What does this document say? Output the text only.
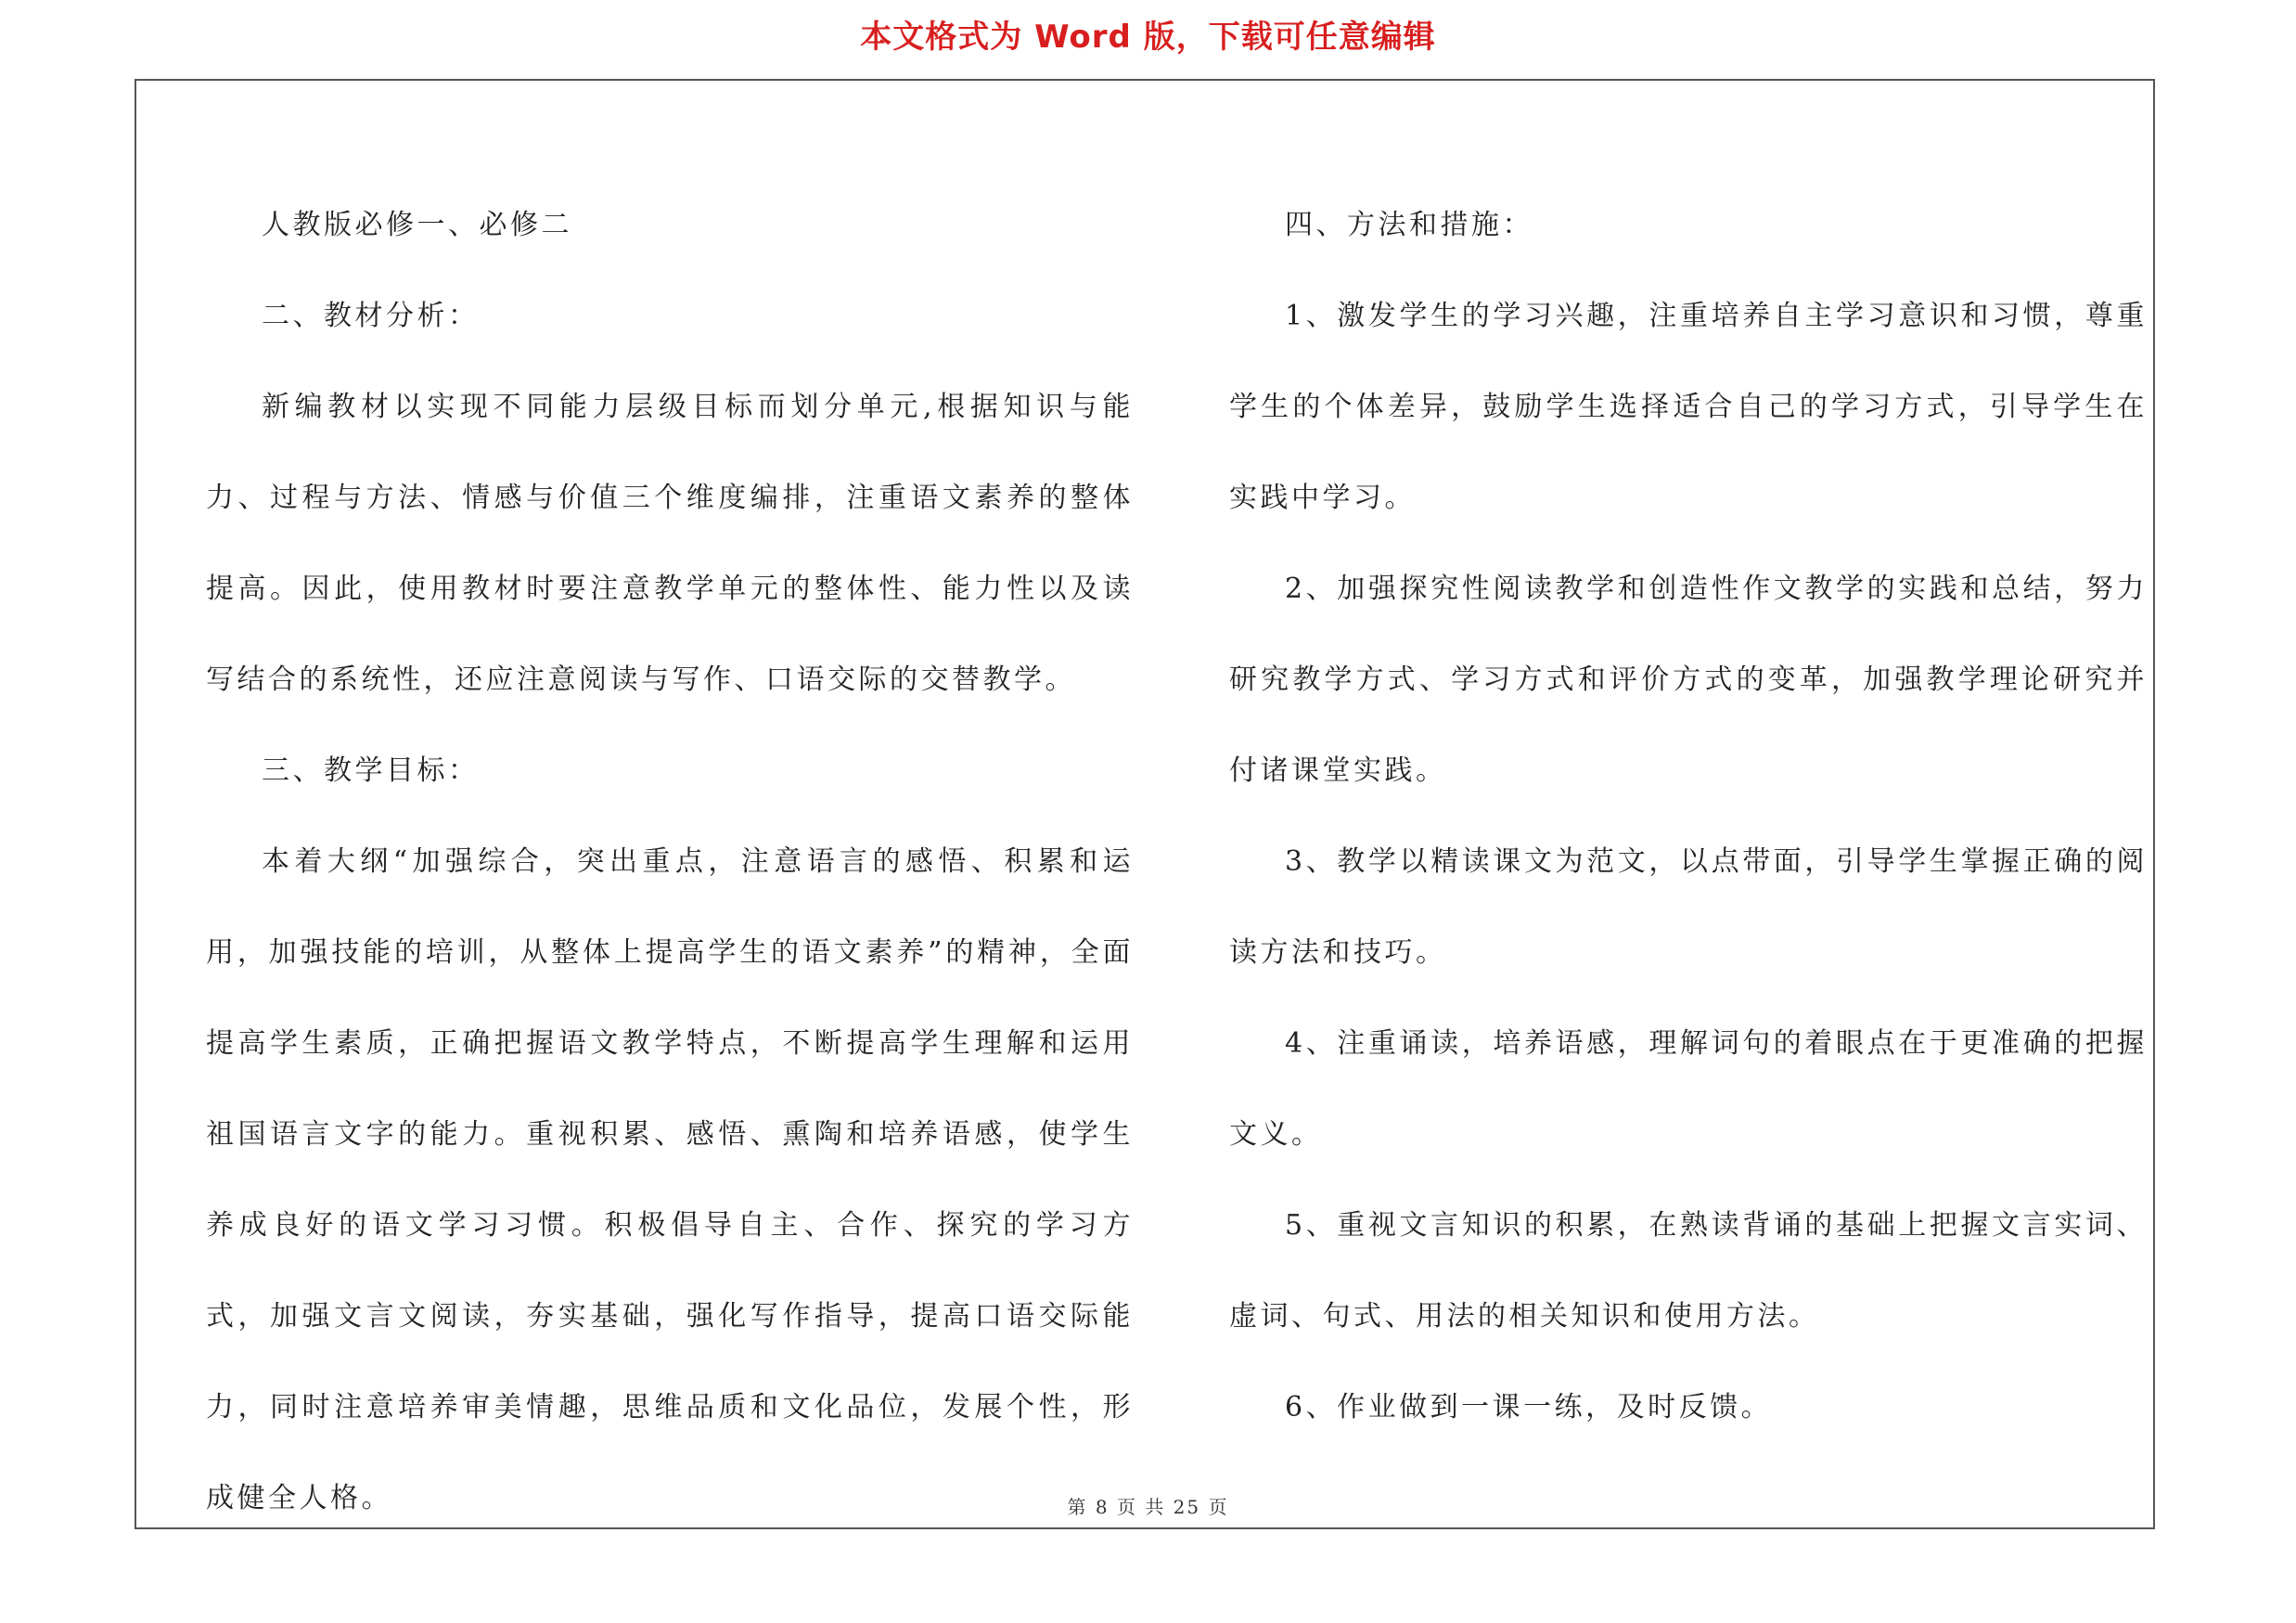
本文格式为 Word 版，下载可任意编辑

人教版必修一、必修二

二、教材分析：

新编教材以实现不同能力层级目标而划分单元,根据知识与能力、过程与方法、情感与价值三个维度编排，注重语文素养的整体提高。因此，使用教材时要注意教学单元的整体性、能力性以及读写结合的系统性，还应注意阅读与写作、口语交际的交替教学。

三、教学目标：

本着大纲“加强综合，突出重点，注意语言的感悟、积累和运用，加强技能的培训，从整体上提高学生的语文素养”的精神，全面提高学生素质，正确把握语文教学特点，不断提高学生理解和运用祖国语言文字的能力。重视积累、感悟、熏陶和培养语感，使学生养成良好的语文学习习惯。积极倡导自主、合作、探究的学习方式，加强文言文阅读，夯实基础，强化写作指导，提高口语交际能力，同时注意培养审美情趣，思维品质和文化品位，发展个性，形成健全人格。

四、方法和措施：

1、激发学生的学习兴趣，注重培养自主学习意识和习惯，尊重学生的个体差异，鼓励学生选择适合自己的学习方式，引导学生在实践中学习。

2、加强探究性阅读教学和创造性作文教学的实践和总结，努力研究教学方式、学习方式和评价方式的变革，加强教学理论研究并付诸课堂实践。

3、教学以精读课文为范文，以点带面，引导学生掌握正确的阅读方法和技巧。

4、注重诵读，培养语感，理解词句的着眼点在于更准确的把握文义。

5、重视文言知识的积累，在熟读背诵的基础上把握文言实词、虚词、句式、用法的相关知识和使用方法。

6、作业做到一课一练，及时反馈。

第 8 页 共 25 页
